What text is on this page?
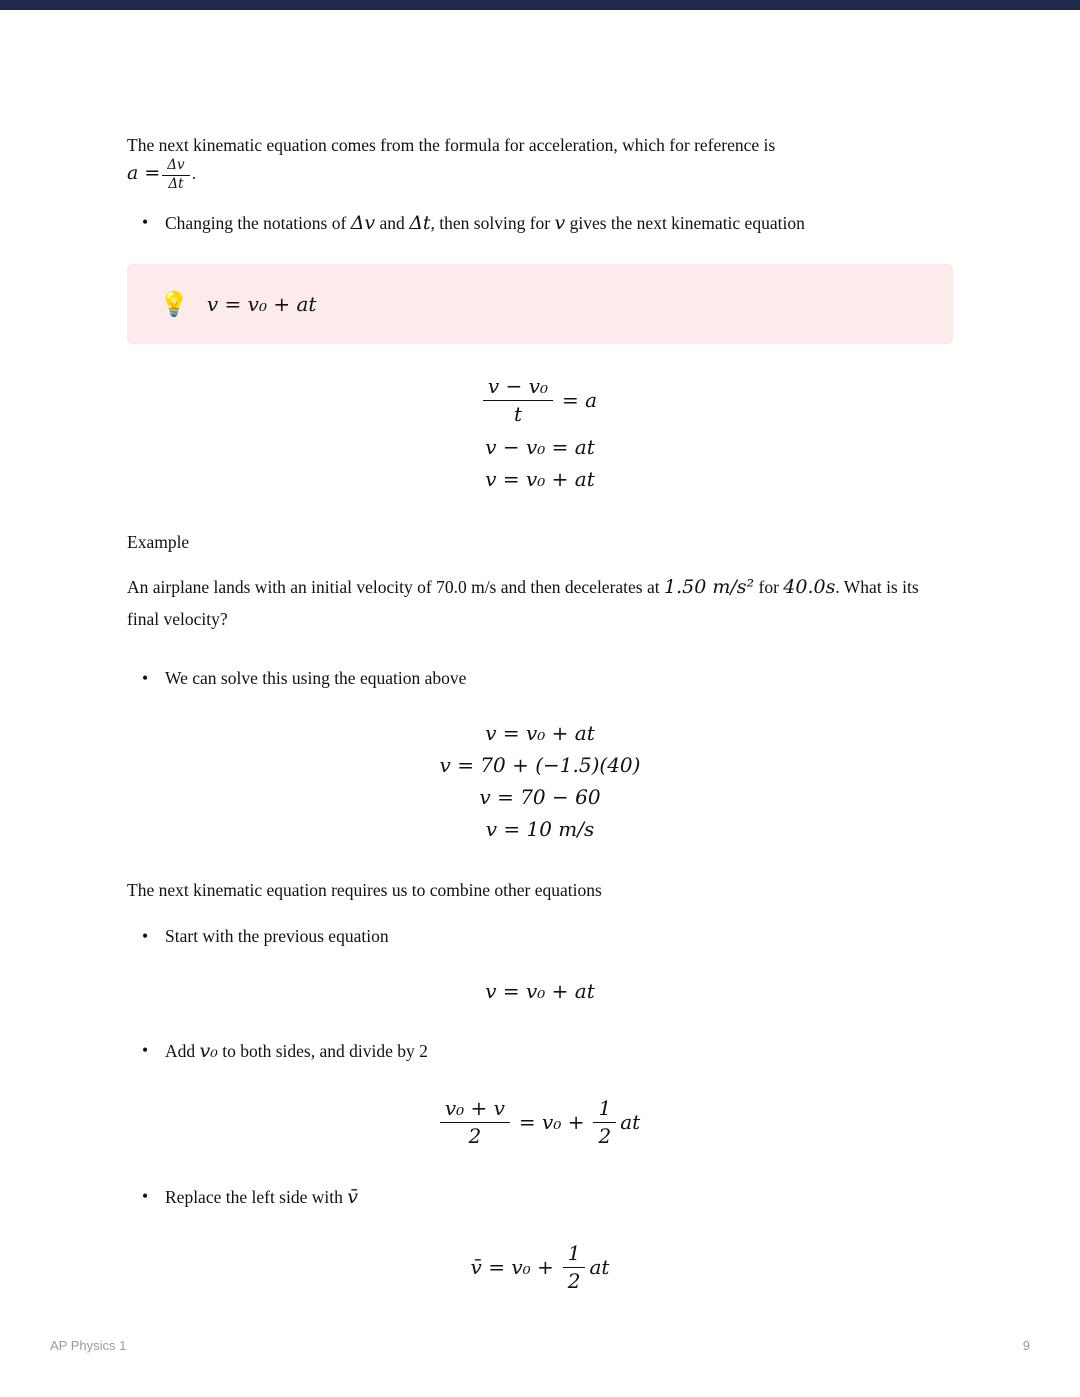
The next kinematic equation comes from the formula for acceleration, which for reference is
$a = \frac{\Delta v}{\Delta t}$ .

• Changing the notations of Δv and Δt, then solving for v gives the next kinematic equation
💡 v = v₀ + at
$\frac{\text{v − v₀}}{t} = a$
v − v₀ = at
v = v₀ + at

Example

An airplane lands with an initial velocity of 70.0 m/s and then decelerates at 1.50 m/s² for 40.0s. What is its final velocity?

• We can solve this using the equation above
v = v₀ + at
v = 70 + (−1.5)(40)
v = 70 − 60
v = 10 m/s

The next kinematic equation requires us to combine other equations

• Start with the previous equation
v = v₀ + at
• Add v₀ to both sides, and divide by 2
$\frac{\text{v₀ + v}}{2} = v_0 + \frac{1}{2}$ at
• Replace the left side with v̄
v̄ = $v_0 + \frac{1}{2}$ at
AP Physics 1	9
